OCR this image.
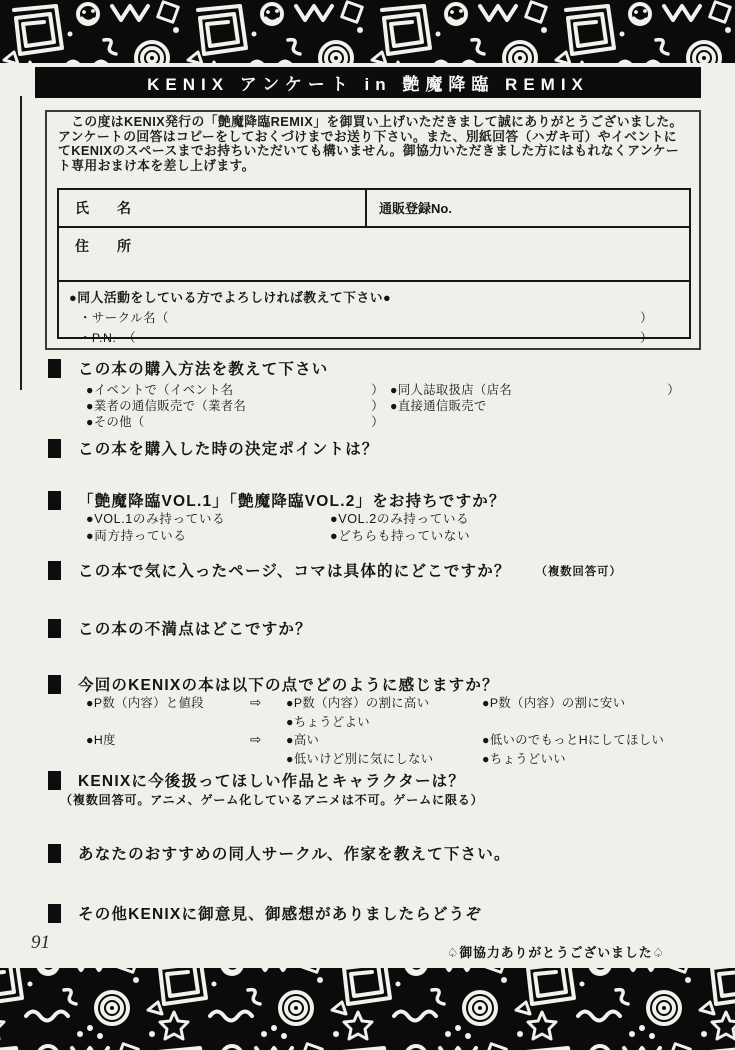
KENIX アンケート in 艶魔降臨 REMIX
　この度はKENIX発行の「艶魔降臨REMIX」を御買い上げいただきまして誠にありがとうございました。アンケートの回答はコピーをしておくづけまでお送り下さい。また、別紙回答（ハガキ可）やイベントにてKENIXのスペースまでお持ちいただいても構いません。御協力いただきました方にはもれなくアンケート専用おまけ本を差し上げます。
氏　　名	通販登録No.
住　　所
●同人活動をしている方でよろしければ教えて下さい●
・サークル名（	）
・P.N.　（	）
この本の購入方法を教えて下さい
●イベントで（イベント名	） ●同人誌取扱店（店名	）
●業者の通信販売で（業者名	） ●直接通信販売で
●その他（	）
この本を購入した時の決定ポイントは？
「艶魔降臨VOL.1」「艶魔降臨VOL.2」をお持ちですか？
●VOL.1のみ持っている	●VOL.2のみ持っている
●両方持っている	●どちらも持っていない
この本で気に入ったページ、コマは具体的にどこですか？ （複数回答可）
この本の不満点はどこですか？
今回のKENIXの本は以下の点でどのように感じますか？
●P数（内容）と値段	⇨	●P数（内容）の割に高い	●P数（内容）の割に安い
●ちょうどよい
●H度	⇨	●高い	●低いのでもっとHにしてほしい
●低いけど別に気にしない	●ちょうどいい
KENIXに今後扱ってほしい作品とキャラクターは？
（複数回答可。アニメ、ゲーム化しているアニメは不可。ゲームに限る）
あなたのおすすめの同人サークル、作家を教えて下さい。
その他KENIXに御意見、御感想がありましたらどうぞ
91	♤御協力ありがとうございました♤
